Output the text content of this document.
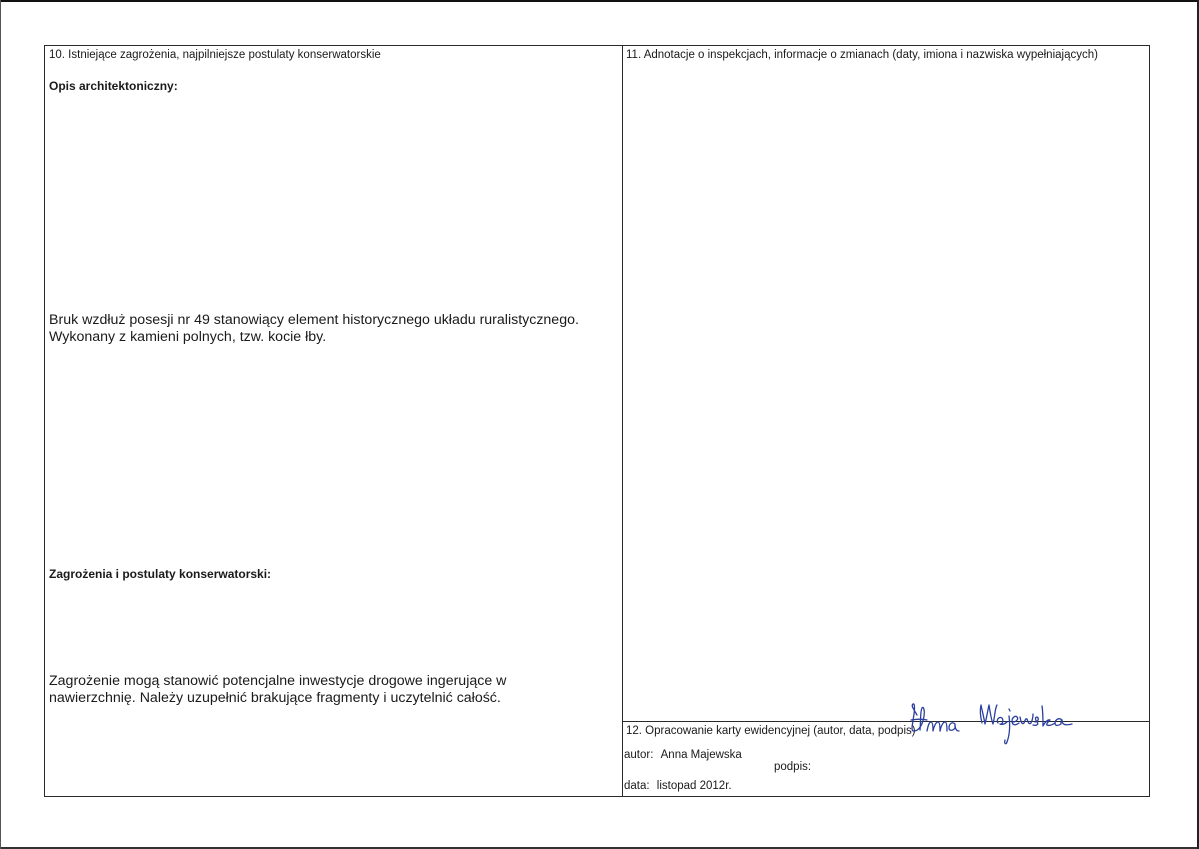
10. Istniejące zagrożenia, najpilniejsze postulaty konserwatorskie
Opis architektoniczny:
Bruk wzdłuż posesji nr 49 stanowiący element historycznego układu ruralistycznego.
Wykonany z kamieni polnych, tzw. kocie łby.
Zagrożenia i postulaty konserwatorski:
Zagrożenie mogą stanowić potencjalne inwestycje drogowe ingerujące w
nawierzchnię. Należy uzupełnić brakujące fragmenty i uczytelnić całość.
11. Adnotacje o inspekcjach, informacje o zmianach (daty, imiona i nazwiska wypełniających)
12. Opracowanie karty ewidencyjnej (autor, data, podpis)
autor: Anna Majewska
podpis:
data: listopad 2012r.
